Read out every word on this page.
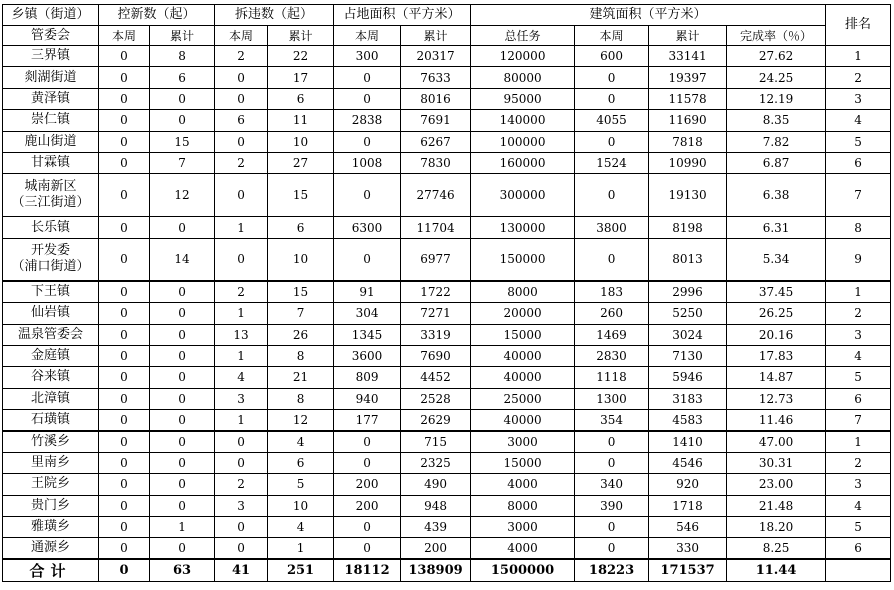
乡镇（街道）	控新数（起）		拆违数（起）		占地面积（平方米）		建筑面积（平方米）				排名
管委会	本周	累计	本周	累计	本周	累计	总任务	本周	累计	完成率（％）	
三界镇	0	8	2	22	300	20317	120000	600	33141	27.62	1
剡湖街道	0	6	0	17	0	7633	80000	0	19397	24.25	2
黄泽镇	0	0	0	6	0	8016	95000	0	11578	12.19	3
崇仁镇	0	0	6	11	2838	7691	140000	4055	11690	8.35	4
鹿山街道	0	15	0	10	0	6267	100000	0	7818	7.82	5
甘霖镇	0	7	2	27	1008	7830	160000	1524	10990	6.87	6

城南新区
（三江街道）	0	12	0	15	0	27746	300000	0	19130	6.38	7
长乐镇	0	0	1	6	6300	11704	130000	3800	8198	6.31	8

开发委
（浦口街道）	0	14	0	10	0	6977	150000	0	8013	5.34	9
下王镇	0	0	2	15	91	1722	8000	183	2996	37.45	1
仙岩镇	0	0	1	7	304	7271	20000	260	5250	26.25	2
温泉管委会	0	0	13	26	1345	3319	15000	1469	3024	20.16	3
金庭镇	0	0	1	8	3600	7690	40000	2830	7130	17.83	4
谷来镇	0	0	4	21	809	4452	40000	1118	5946	14.87	5
北漳镇	0	0	3	8	940	2528	25000	1300	3183	12.73	6
石璜镇	0	0	1	12	177	2629	40000	354	4583	11.46	7
竹溪乡	0	0	0	4	0	715	3000	0	1410	47.00	1
里南乡	0	0	0	6	0	2325	15000	0	4546	30.31	2
王院乡	0	0	2	5	200	490	4000	340	920	23.00	3
贵门乡	0	0	3	10	200	948	8000	390	1718	21.48	4
雅璜乡	0	1	0	4	0	439	3000	0	546	18.20	5
通源乡	0	0	0	1	0	200	4000	0	330	8.25	6
合计	0	63	41	251	18112	138909	1500000	18223	171537	11.44	
